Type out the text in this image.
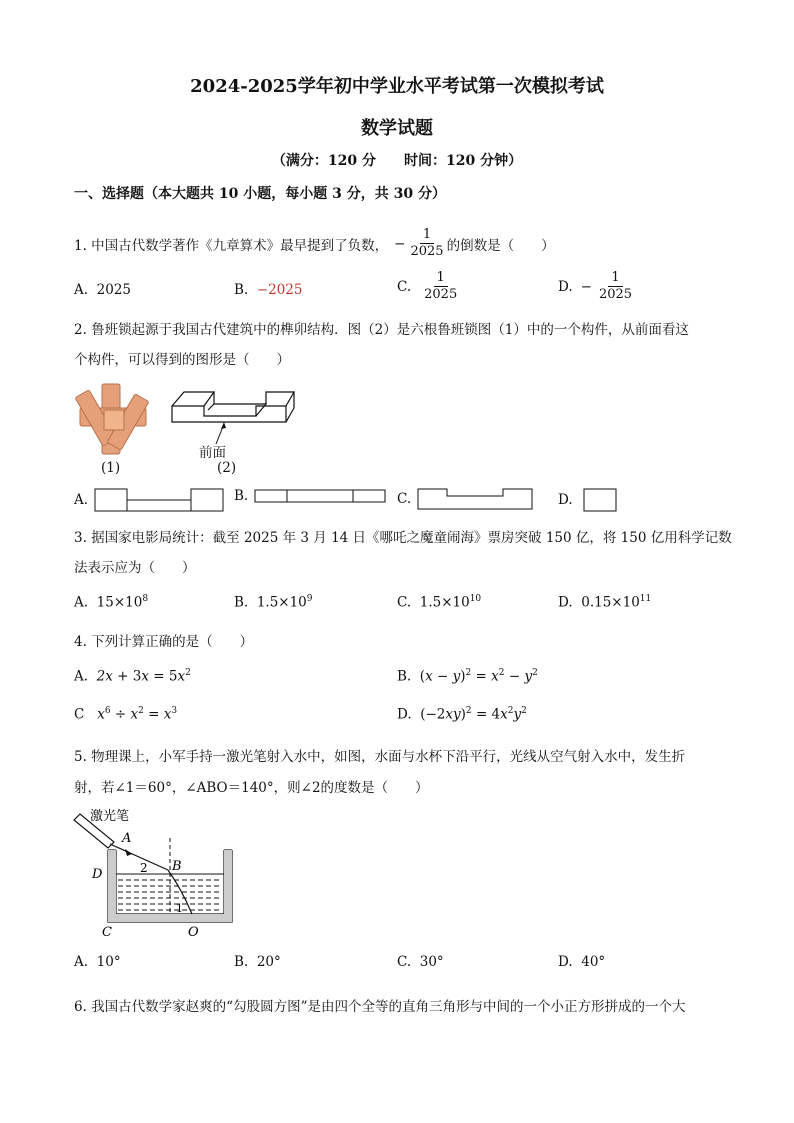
2024-2025学年初中学业水平考试第一次模拟考试
数学试题
（满分：120 分　　时间：120 分钟）
一、选择题（本大题共 10 小题，每小题 3 分，共 30 分）
1. 中国古代数学著作《九章算术》最早提到了负数， − $\frac{1}{2025}$ 的倒数是（　　）
A. 2025	B. −2025	C. $\frac{1}{2025}$	D. − $\frac{1}{2025}$
2. 鲁班锁起源于我国古代建筑中的榫卯结构．图（2）是六根鲁班锁图（1）中的一个构件，从前面看这
个构件，可以得到的图形是（　　）
(1)
前面
(2)
A.	B.	C.	D.
3. 据国家电影局统计：截至 2025 年 3 月 14 日《哪吒之魔童闹海》票房突破 150 亿，将 150 亿用科学记数
法表示应为（　　）
A. $15\times 10^8$	B. $1.5\times 10^9$	C. $1.5\times 10^{10}$	D. $0.15\times 10^{11}$
4. 下列计算正确的是（　　）
A. $2x + 3x = 5x^2$	B.  $(x - y)^2 = x^2 - y^2$
C $x^6 \div x^2 = x^3$	D.  $(-2xy)^2 = 4x^2y^2$
5. 物理课上，小军手持一激光笔射入水中，如图，水面与水杯下沿平行，光线从空气射入水中，发生折
射，若∠1＝60°，∠ABO＝140°，则∠2的度数是（　　）
激光笔
A
B
D
C	O
2
1
A. 10°	B. 20°	C. 30°	D. 40°
6. 我国古代数学家赵爽的“勾股圆方图”是由四个全等的直角三角形与中间的一个小正方形拼成的一个大
